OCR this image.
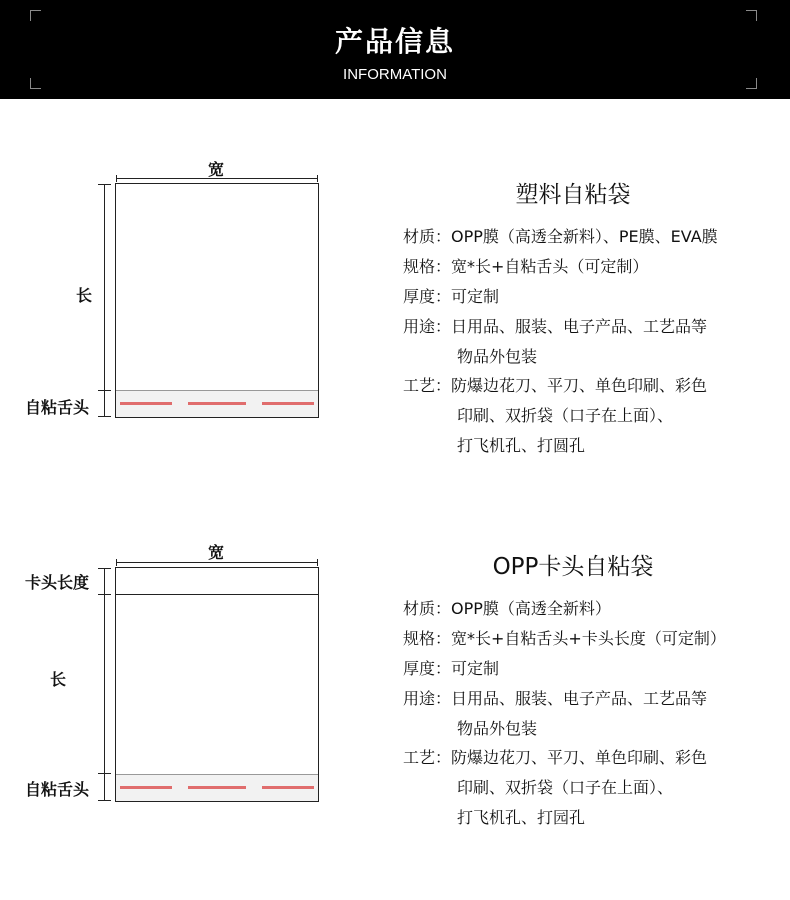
产品信息
INFORMATION
宽
长
自粘舌头
塑料自粘袋
材质：OPP膜（高透全新料）、PE膜、EVA膜
规格：宽*长+自粘舌头（可定制）
厚度：可定制
用途：日用品、服装、电子产品、工艺品等
物品外包装
工艺：防爆边花刀、平刀、单色印刷、彩色
印刷、双折袋（口子在上面）、
打飞机孔、打圆孔
宽
卡头长度
长
自粘舌头
OPP卡头自粘袋
材质：OPP膜（高透全新料）
规格：宽*长+自粘舌头+卡头长度（可定制）
厚度：可定制
用途：日用品、服装、电子产品、工艺品等
物品外包装
工艺：防爆边花刀、平刀、单色印刷、彩色
印刷、双折袋（口子在上面）、
打飞机孔、打园孔
